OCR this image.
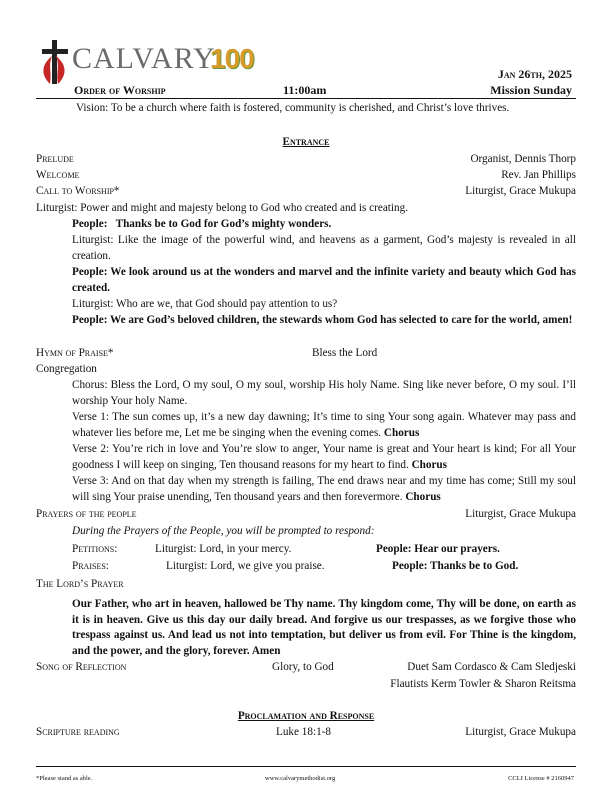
CALVARY
100
Order of Worship	11:00am
Jan 26th, 2025
Mission Sunday
Vision: To be a church where faith is fostered, community is cherished, and Christ’s love thrives.
Entrance
Prelude	Organist, Dennis Thorp
Welcome	Rev. Jan Phillips
Call to Worship*	Liturgist, Grace Mukupa
Liturgist: Power and might and majesty belong to God who created and is creating.
People:   Thanks be to God for God’s mighty wonders.
Liturgist: Like the image of the powerful wind, and heavens as a garment, God’s majesty is revealed in all creation.
People: We look around us at the wonders and marvel and the infinite variety and beauty which God has created.
Liturgist: Who are we, that God should pay attention to us?
People: We are God’s beloved children, the stewards whom God has selected to care for the world, amen!
Hymn of Praise*	Bless the Lord
Congregation
Chorus: Bless the Lord, O my soul, O my soul, worship His holy Name. Sing like never before, O my soul. I’ll worship Your holy Name.
Verse 1: The sun comes up, it’s a new day dawning; It’s time to sing Your song again. Whatever may pass and whatever lies before me, Let me be singing when the evening comes. Chorus
Verse 2: You’re rich in love and You’re slow to anger, Your name is great and Your heart is kind; For all Your goodness I will keep on singing, Ten thousand reasons for my heart to find. Chorus
Verse 3: And on that day when my strength is failing, The end draws near and my time has come; Still my soul will sing Your praise unending, Ten thousand years and then forevermore. Chorus
Prayers of the people	Liturgist, Grace Mukupa
During the Prayers of the People, you will be prompted to respond:
Petitions:	Liturgist: Lord, in your mercy.	People: Hear our prayers.
Praises:	Liturgist: Lord, we give you praise.	People: Thanks be to God.
The Lord’s Prayer
Our Father, who art in heaven, hallowed be Thy name. Thy kingdom come, Thy will be done, on earth as it is in heaven. Give us this day our daily bread. And forgive us our trespasses, as we forgive those who trespass against us. And lead us not into temptation, but deliver us from evil. For Thine is the kingdom, and the power, and the glory, forever. Amen
Song of Reflection	Glory, to God	Duet Sam Cordasco & Cam Sledjeski
Flautists Kerm Towler & Sharon Reitsma
Proclamation and Response
Scripture reading	Luke 18:1-8	Liturgist, Grace Mukupa
*Please stand as able.	www.calvarymethodist.org	CCLI License # 2160947
